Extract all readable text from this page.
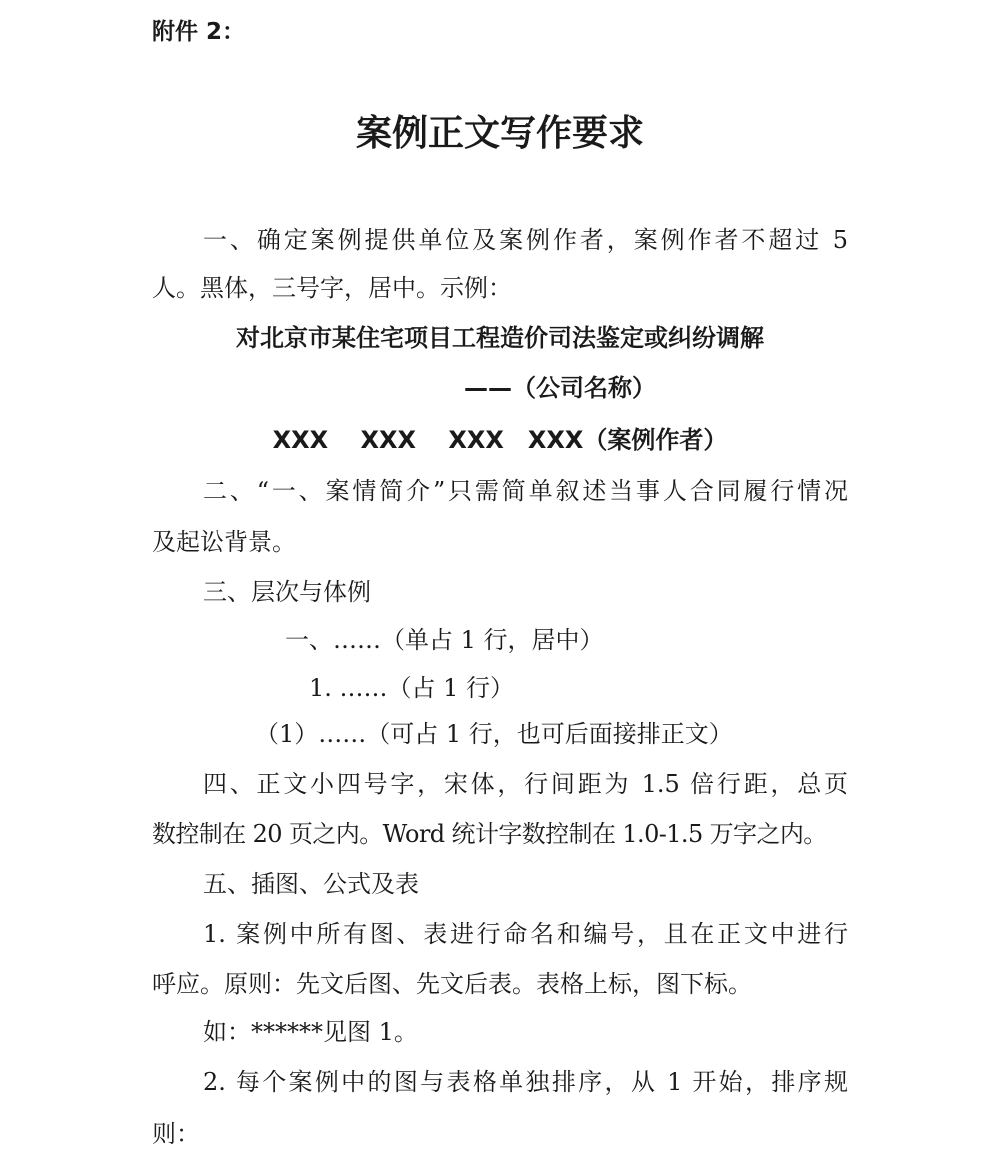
附件 2：
案例正文写作要求
一、确定案例提供单位及案例作者，案例作者不超过 5
人。黑体，三号字，居中。示例：
对北京市某住宅项目工程造价司法鉴定或纠纷调解
——（公司名称）
XXX　 XXX　 XXX　XXX（案例作者）
二、“一、案情简介”只需简单叙述当事人合同履行情况
及起讼背景。
三、层次与体例
一、……（单占 1 行，居中）
1. ……（占 1 行）
（1）……（可占 1 行，也可后面接排正文）
四、正文小四号字，宋体，行间距为 1.5 倍行距，总页
数控制在 20 页之内。Word 统计字数控制在 1.0-1.5 万字之内。
五、插图、公式及表
1. 案例中所有图、表进行命名和编号，且在正文中进行
呼应。原则：先文后图、先文后表。表格上标，图下标。
如：******见图 1。
2. 每个案例中的图与表格单独排序，从 1 开始，排序规
则：
